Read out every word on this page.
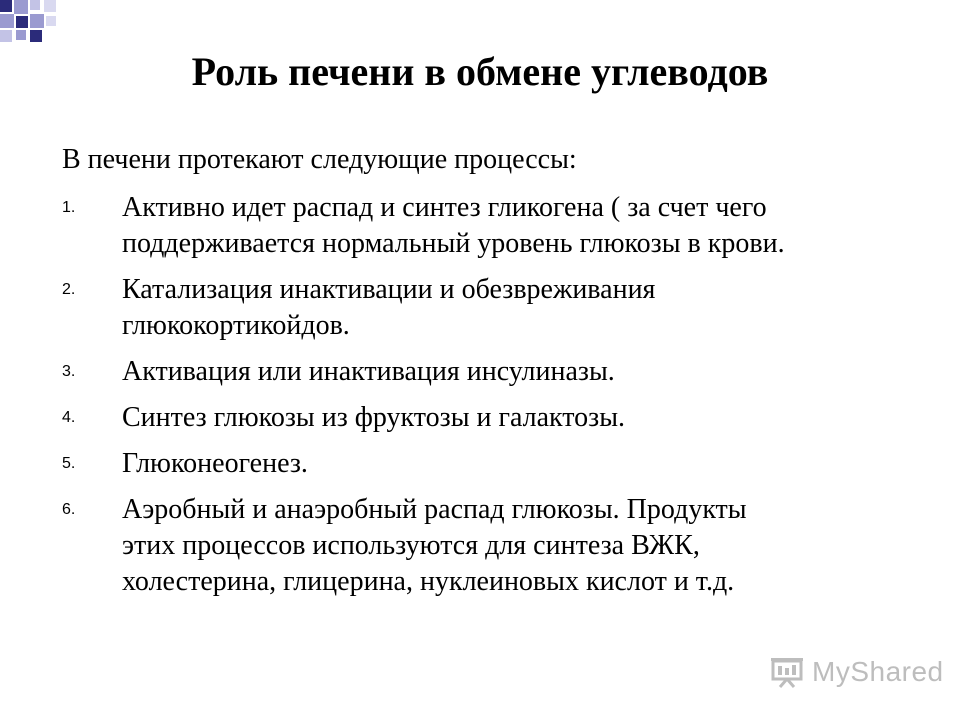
Роль печени в обмене углеводов

В печени протекают следующие процессы:

1. Активно идет распад и синтез гликогена ( за счет чего
поддерживается нормальный уровень глюкозы в крови.
2. Катализация инактивации и обезвреживания
глюкокортикойдов.
3. Активация или инактивация инсулиназы.
4. Синтез глюкозы из фруктозы и галактозы.
5. Глюконеогенез.
6. Аэробный и анаэробный распад глюкозы. Продукты
этих процессов используются для синтеза ВЖК,
холестерина, глицерина, нуклеиновых кислот и т.д.
MyShared
